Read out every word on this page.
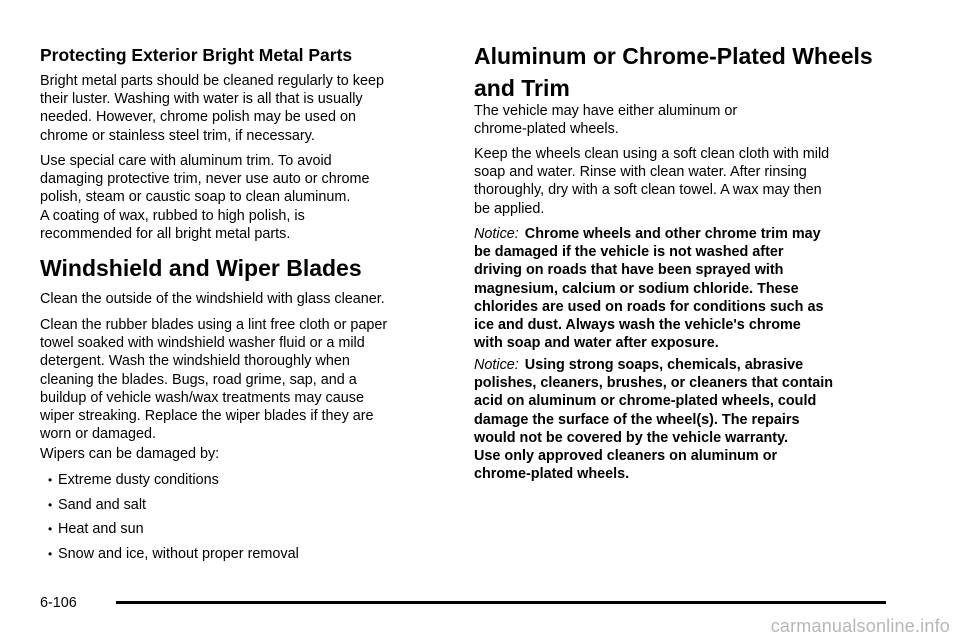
Protecting Exterior Bright Metal Parts

Bright metal parts should be cleaned regularly to keep
their luster. Washing with water is all that is usually
needed. However, chrome polish may be used on
chrome or stainless steel trim, if necessary.

Use special care with aluminum trim. To avoid
damaging protective trim, never use auto or chrome
polish, steam or caustic soap to clean aluminum.
A coating of wax, rubbed to high polish, is
recommended for all bright metal parts.

Windshield and Wiper Blades

Clean the outside of the windshield with glass cleaner.

Clean the rubber blades using a lint free cloth or paper
towel soaked with windshield washer fluid or a mild
detergent. Wash the windshield thoroughly when
cleaning the blades. Bugs, road grime, sap, and a
buildup of vehicle wash/wax treatments may cause
wiper streaking. Replace the wiper blades if they are
worn or damaged.

Wipers can be damaged by:

• Extreme dusty conditions
• Sand and salt
• Heat and sun
• Snow and ice, without proper removal
Aluminum or Chrome-Plated Wheels
and Trim

The vehicle may have either aluminum or
chrome-plated wheels.

Keep the wheels clean using a soft clean cloth with mild
soap and water. Rinse with clean water. After rinsing
thoroughly, dry with a soft clean towel. A wax may then
be applied.

Notice: Chrome wheels and other chrome trim may
be damaged if the vehicle is not washed after
driving on roads that have been sprayed with
magnesium, calcium or sodium chloride. These
chlorides are used on roads for conditions such as
ice and dust. Always wash the vehicle's chrome
with soap and water after exposure.

Notice: Using strong soaps, chemicals, abrasive
polishes, cleaners, brushes, or cleaners that contain
acid on aluminum or chrome-plated wheels, could
damage the surface of the wheel(s). The repairs
would not be covered by the vehicle warranty.
Use only approved cleaners on aluminum or
chrome-plated wheels.

6-106
carmanualsonline.info
